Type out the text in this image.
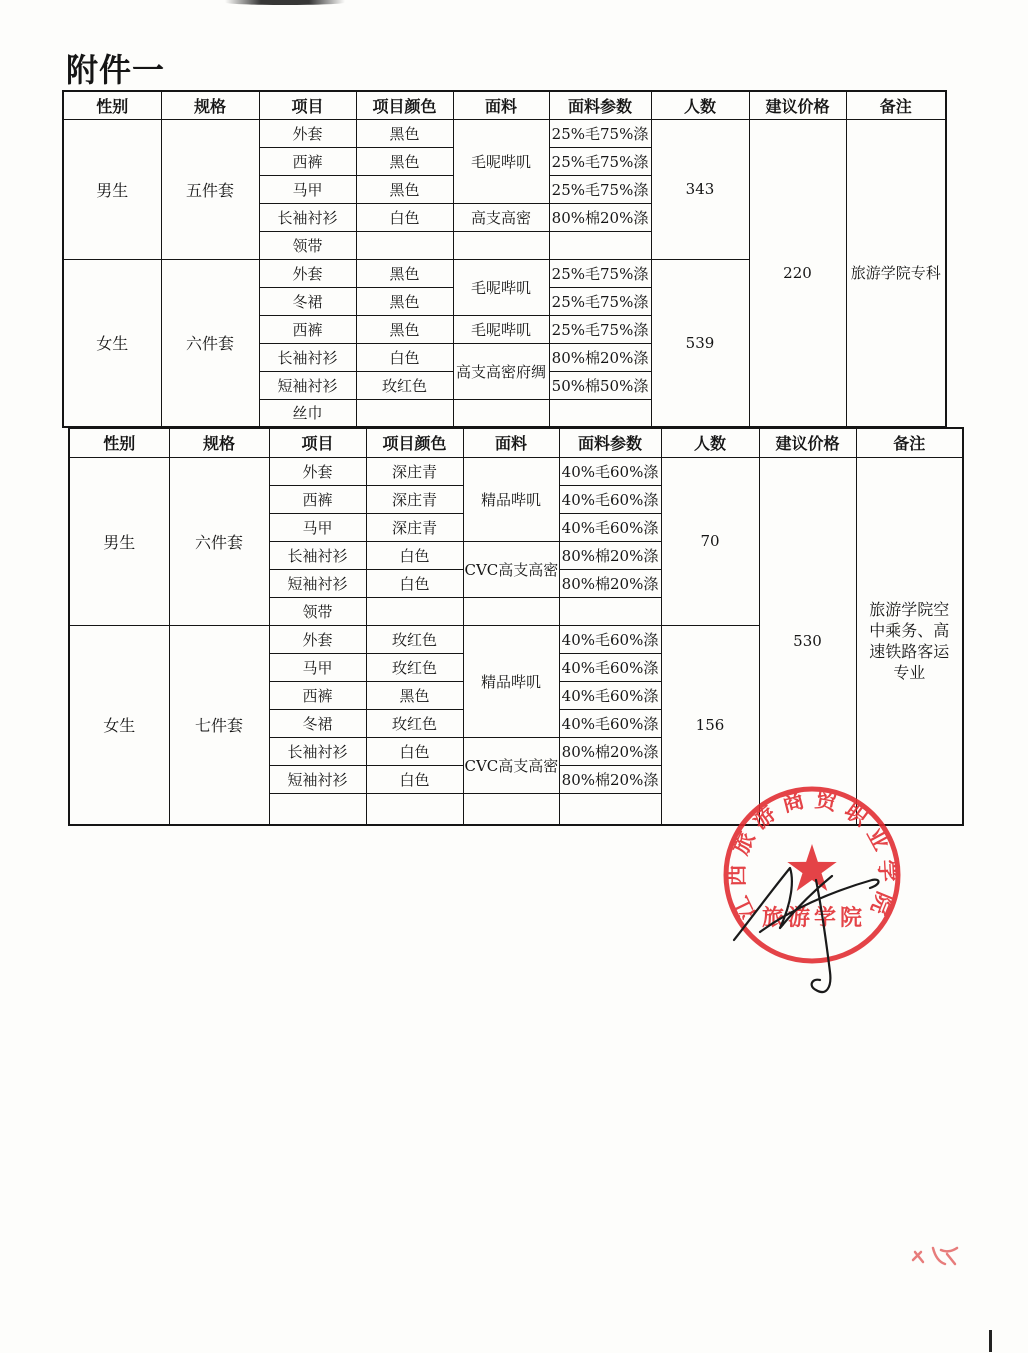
附件一
性别	规格	项目	项目颜色	面料	面料参数	人数	建议价格	备注
男生	五件套	外套	黑色	毛呢哔叽	25%毛75%涤	343	220	旅游学院专科
		西裤	黑色		25%毛75%涤			
		马甲	黑色		25%毛75%涤			
		长袖衬衫	白色	高支高密	80%棉20%涤			
		领带						
女生	六件套	外套	黑色	毛呢哔叽	25%毛75%涤	539		
		冬裙	黑色		25%毛75%涤			
		西裤	黑色	毛呢哔叽	25%毛75%涤			
		长袖衬衫	白色	高支高密府绸	80%棉20%涤			
		短袖衬衫	玫红色		50%棉50%涤			
		丝巾						
性别	规格	项目	项目颜色	面料	面料参数	人数	建议价格	备注
男生	六件套	外套	深庄青	精品哔叽	40%毛60%涤	70	530	旅游学院空中乘务、高速铁路客运专业
		西裤	深庄青		40%毛60%涤			
		马甲	深庄青		40%毛60%涤			
		长袖衬衫	白色	CVC高支高密	80%棉20%涤			
		短袖衬衫	白色		80%棉20%涤			
		领带						
女生	七件套	外套	玫红色	精品哔叽	40%毛60%涤	156		
		马甲	玫红色		40%毛60%涤			
		西裤	黑色		40%毛60%涤			
		冬裙	玫红色		40%毛60%涤			
		长袖衬衫	白色	CVC高支高密	80%棉20%涤			
		短袖衬衫	白色		80%棉20%涤			

江西旅游商贸职业学院
旅游学院
